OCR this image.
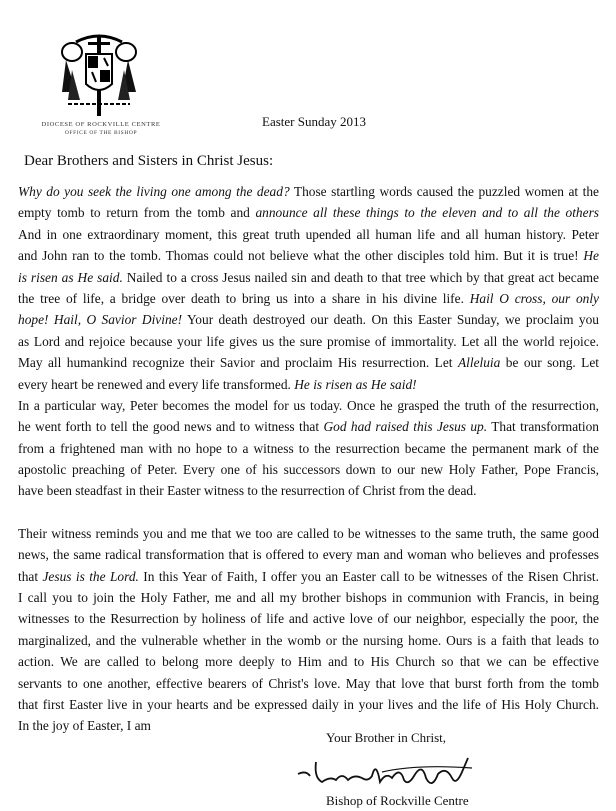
DIOCESE OF ROCKVILLE CENTRE
OFFICE OF THE BISHOP
Easter Sunday 2013
Dear Brothers and Sisters in Christ Jesus:
Why do you seek the living one among the dead? Those startling words caused the puzzled women at the
empty tomb to return from the tomb and announce all these things to the eleven and to all the others
And in one extraordinary moment, this great truth upended all human life and all human history. Peter
and John ran to the tomb. Thomas could not believe what the other disciples told him. But it is true! He
is risen as He said. Nailed to a cross Jesus nailed sin and death to that tree which by that great act became
the tree of life, a bridge over death to bring us into a share in his divine life. Hail O cross, our only
hope! Hail, O Savior Divine! Your death destroyed our death. On this Easter Sunday, we proclaim you
as Lord and rejoice because your life gives us the sure promise of immortality. Let all the world rejoice.
May all humankind recognize their Savior and proclaim His resurrection. Let Alleluia be our song. Let
every heart be renewed and every life transformed. He is risen as He said!
In a particular way, Peter becomes the model for us today. Once he grasped the truth of the resurrection,
he went forth to tell the good news and to witness that God had raised this Jesus up. That transformation
from a frightened man with no hope to a witness to the resurrection became the permanent mark of the
apostolic preaching of Peter. Every one of his successors down to our new Holy Father, Pope Francis,
have been steadfast in their Easter witness to the resurrection of Christ from the dead.
Their witness reminds you and me that we too are called to be witnesses to the same truth, the same good
news, the same radical transformation that is offered to every man and woman who believes and professes
that Jesus is the Lord. In this Year of Faith, I offer you an Easter call to be witnesses of the Risen Christ.
I call you to join the Holy Father, me and all my brother bishops in communion with Francis, in being
witnesses to the Resurrection by holiness of life and active love of our neighbor, especially the poor, the
marginalized, and the vulnerable whether in the womb or the nursing home. Ours is a faith that leads to
action. We are called to belong more deeply to Him and to His Church so that we can be effective
servants to one another, effective bearers of Christ's love. May that love that burst forth from the tomb
that first Easter live in your hearts and be expressed daily in your lives and the life of His Holy Church.
In the joy of Easter, I am
Your Brother in Christ,
Bishop of Rockville Centre
